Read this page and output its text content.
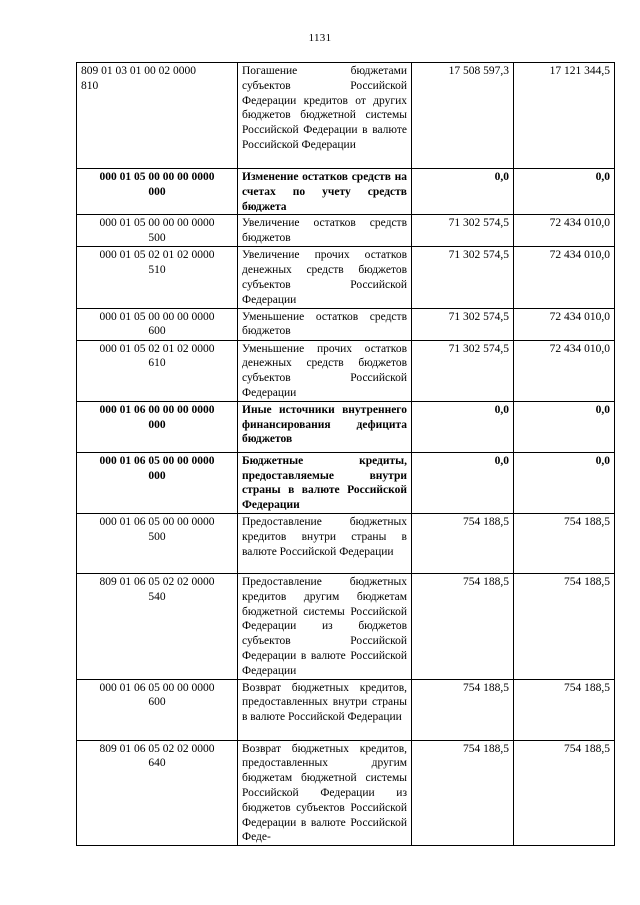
1131
809 01 03 01 00 02 0000
810	Погашение бюджетами субъектов Российской Федерации кредитов от других бюджетов бюджетной системы Российской Федерации в валюте Российской Федерации	17 508 597,3	17 121 344,5

000 01 05 00 00 00 0000
000	Изменение остатков средств на счетах по учету средств бюджета	0,0	0,0

000 01 05 00 00 00 0000
500	Увеличение остатков средств бюджетов	71 302 574,5	72 434 010,0

000 01 05 02 01 02 0000
510	Увеличение прочих остатков денежных средств бюджетов субъектов Российской Федерации	71 302 574,5	72 434 010,0

000 01 05 00 00 00 0000
600	Уменьшение остатков средств бюджетов	71 302 574,5	72 434 010,0

000 01 05 02 01 02 0000
610	Уменьшение прочих остатков денежных средств бюджетов субъектов Российской Федерации	71 302 574,5	72 434 010,0

000 01 06 00 00 00 0000
000	Иные источники внутреннего финансирования дефицита бюджетов	0,0	0,0

000 01 06 05 00 00 0000
000	Бюджетные кредиты, предоставляемые внутри страны в валюте Российской Федерации	0,0	0,0

000 01 06 05 00 00 0000
500	Предоставление бюджетных кредитов внутри страны в валюте Российской Федерации	754 188,5	754 188,5

809 01 06 05 02 02 0000
540	Предоставление бюджетных кредитов другим бюджетам бюджетной системы Российской Федерации из бюджетов субъектов Российской Федерации в валюте Российской Федерации	754 188,5	754 188,5

000 01 06 05 00 00 0000
600	Возврат бюджетных кредитов, предоставленных внутри страны в валюте Российской Федерации	754 188,5	754 188,5

809 01 06 05 02 02 0000
640	Возврат бюджетных кредитов, предоставленных другим бюджетам бюджетной системы Российской Федерации из бюджетов субъектов Российской Федерации в валюте Российской Феде-	754 188,5	754 188,5
